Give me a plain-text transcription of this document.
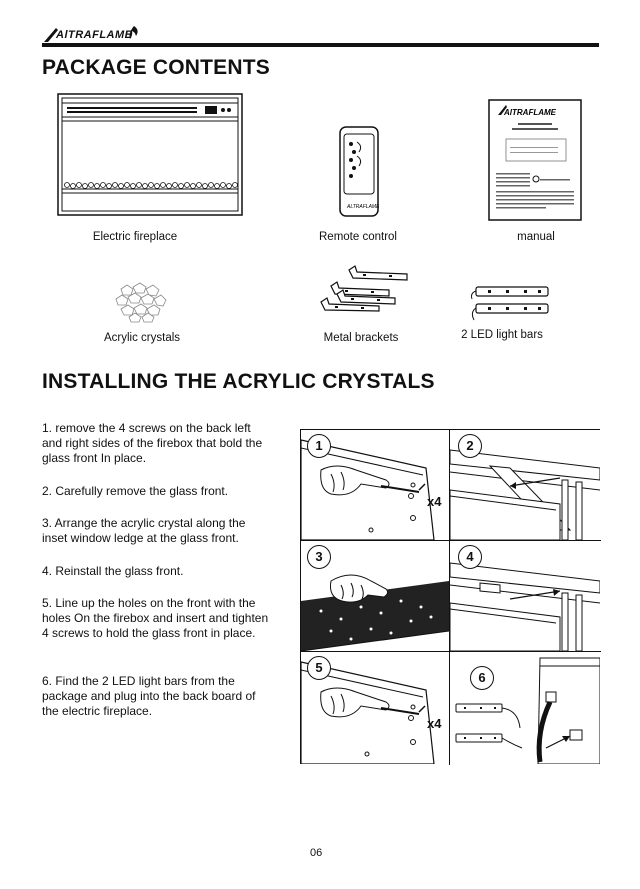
AlTRAFLAME
PACKAGE CONTENTS
Electric fireplace
ALTRAFLAME
Remote control
AlTRAFLAME
manual
Acrylic crystals	Metal brackets	2 LED light bars
INSTALLING THE ACRYLIC CRYSTALS
1. remove the 4 screws on the back left and right sides of the firebox that bold the glass front In place.
2. Carefully remove the glass front.
3. Arrange the acrylic crystal along the inset window ledge at the glass front.
4. Reinstall the glass front.
5. Line up the holes on the front with the holes On the firebox and insert and tighten 4 screws to hold the glass front in place.
6. Find the 2 LED light bars from the package and plug into the back board of the electric fireplace.
1
x4
2
3	4
5
x4
6
06
